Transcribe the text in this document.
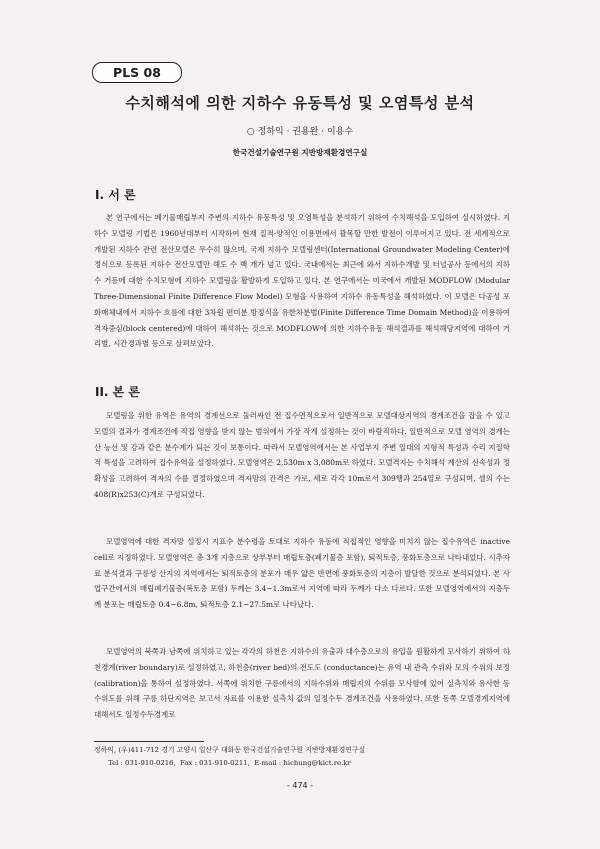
PLS 08
수치해석에 의한 지하수 유동특성 및 오염특성 분석
○ 정하익 · 권용완 · 이용수
한국건설기술연구원 지반방재환경연구실
I. 서 론

본 연구에서는 폐기물매립부지 주변의 지하수 유동특성 및 오염특성을 분석하기 위하여 수치해석을 도입하여 실시하였다. 지하수 모델링 기법은 1960년대부터 시작하여 현재 질적·양적인 이용면에서 괄목할 만한 발전이 이루어지고 있다. 전 세계적으로 개발된 지하수 관련 전산모델은 무수히 많으며, 국제 지하수 모델링센터(International Groundwater Modeling Center)에 정식으로 등록된 지하수 전산모델만 해도 수 백 개가 넘고 있다. 국내에서는 최근에 와서 지하수개발 및 터널공사 등에서의 지하수 거동에 대한 수치모형에 지하수 모델링을 활발하게 도입하고 있다. 본 연구에서는 미국에서 개발된 MODFLOW (Modular Three-Dimensional Finite Difference Flow Model) 모형을 사용하여 지하수 유동특성을 해석하였다. 이 모델은 다공성 포화매체내에서 지하수 흐름에 대한 3차원 편미분 방정식을 유한차분법(Finite Difference Time Domain Method)을 이용하여 격자중심(block centered)에 대하여 해석하는 것으로 MODFLOW에 의한 지하수유동 해석결과를 해석해당지역에 대하여 거리별, 시간경과별 등으로 살펴보았다.

II. 본 론

모델링을 위한 유역은 유역의 경계선으로 둘러싸인 전 집수면적으로서 일반적으로 모델대상지역의 경계조건을 잡을 수 있고 모델의 결과가 경계조건에 직접 영향을 받지 않는 범위에서 가장 작게 설정하는 것이 바람직하다. 일반적으로 모델 영역의 경계는 산 능선 및 강과 같은 분수계가 되는 것이 보통이다. 따라서 모델영역에서는 본 사업부지 주변 일대의 지형적 특성과 수리 지질학적 특성을 고려하여 집수유역을 설정하였다. 모델영역은 2,530m x 3,080m로 하였다. 모델격자는 수치해석 계산의 신속성과 정확성을 고려하여 격자의 수를 결정하였으며 격자망의 간격은 가로, 세로 각각 10m로서 309행과 254열로 구성되며, 셀의 수는 408(R)x253(C)개로 구성되었다.

모델영역에 대한 격자망 설정시 지표수 분수령을 토대로 지하수 유동에 직접적인 영향을 미치지 않는 집수유역은 inactive cell로 지정하였다. 모델영역은 총 3개 지층으로 상부부터 매립토층(폐기물층 포함), 퇴적토층, 풍화토층으로 나타내었다. 시추자료 분석결과 구릉성 산지의 지역에서는 퇴적토층의 분포가 매우 얇은 반면에 풍화토층의 지층이 발달한 것으로 분석되었다. 본 사업구간에서의 매립폐기물층(복토층 포함) 두께는 3.4~1.3m로서 지역에 따라 두께가 다소 다르다. 또한 모델영역에서의 지층두께 분포는 매립토층 0.4~6.8m, 퇴적토층 2.1~27.5m로 나타났다.

모델영역의 북쪽과 남쪽에 위치하고 있는 각각의 하천은 지하수의 유출과 대수층으로의 유입을 원활하게 모사하기 위하여 하천경계(river boundary)로 설정하였고, 하천층(river bed)의 전도도 (conductance)는 유역 내 관측 수위와 모의 수위의 보정 (calibration)을 통하여 설정하였다. 서쪽에 위치한 구릉에서의 지하수위와 매립지의 수위를 모사함에 있어 실측치와 유사한 등수위도를 위해 구릉 하단지역은 보고서 자료를 이용한 실측치 값의 일정수두 경계조건을 사용하였다. 또한 동쪽 모델경계지역에 대해서도 일정수두경계로

정하익, (우)411-712 경기 고양시 일산구 대화동 한국건설기술연구원 지반방재환경연구실
Tel : 031-910-0216,  Fax : 031-910-0211,  E-mail : hichung@kict.re.kr
- 474 -
